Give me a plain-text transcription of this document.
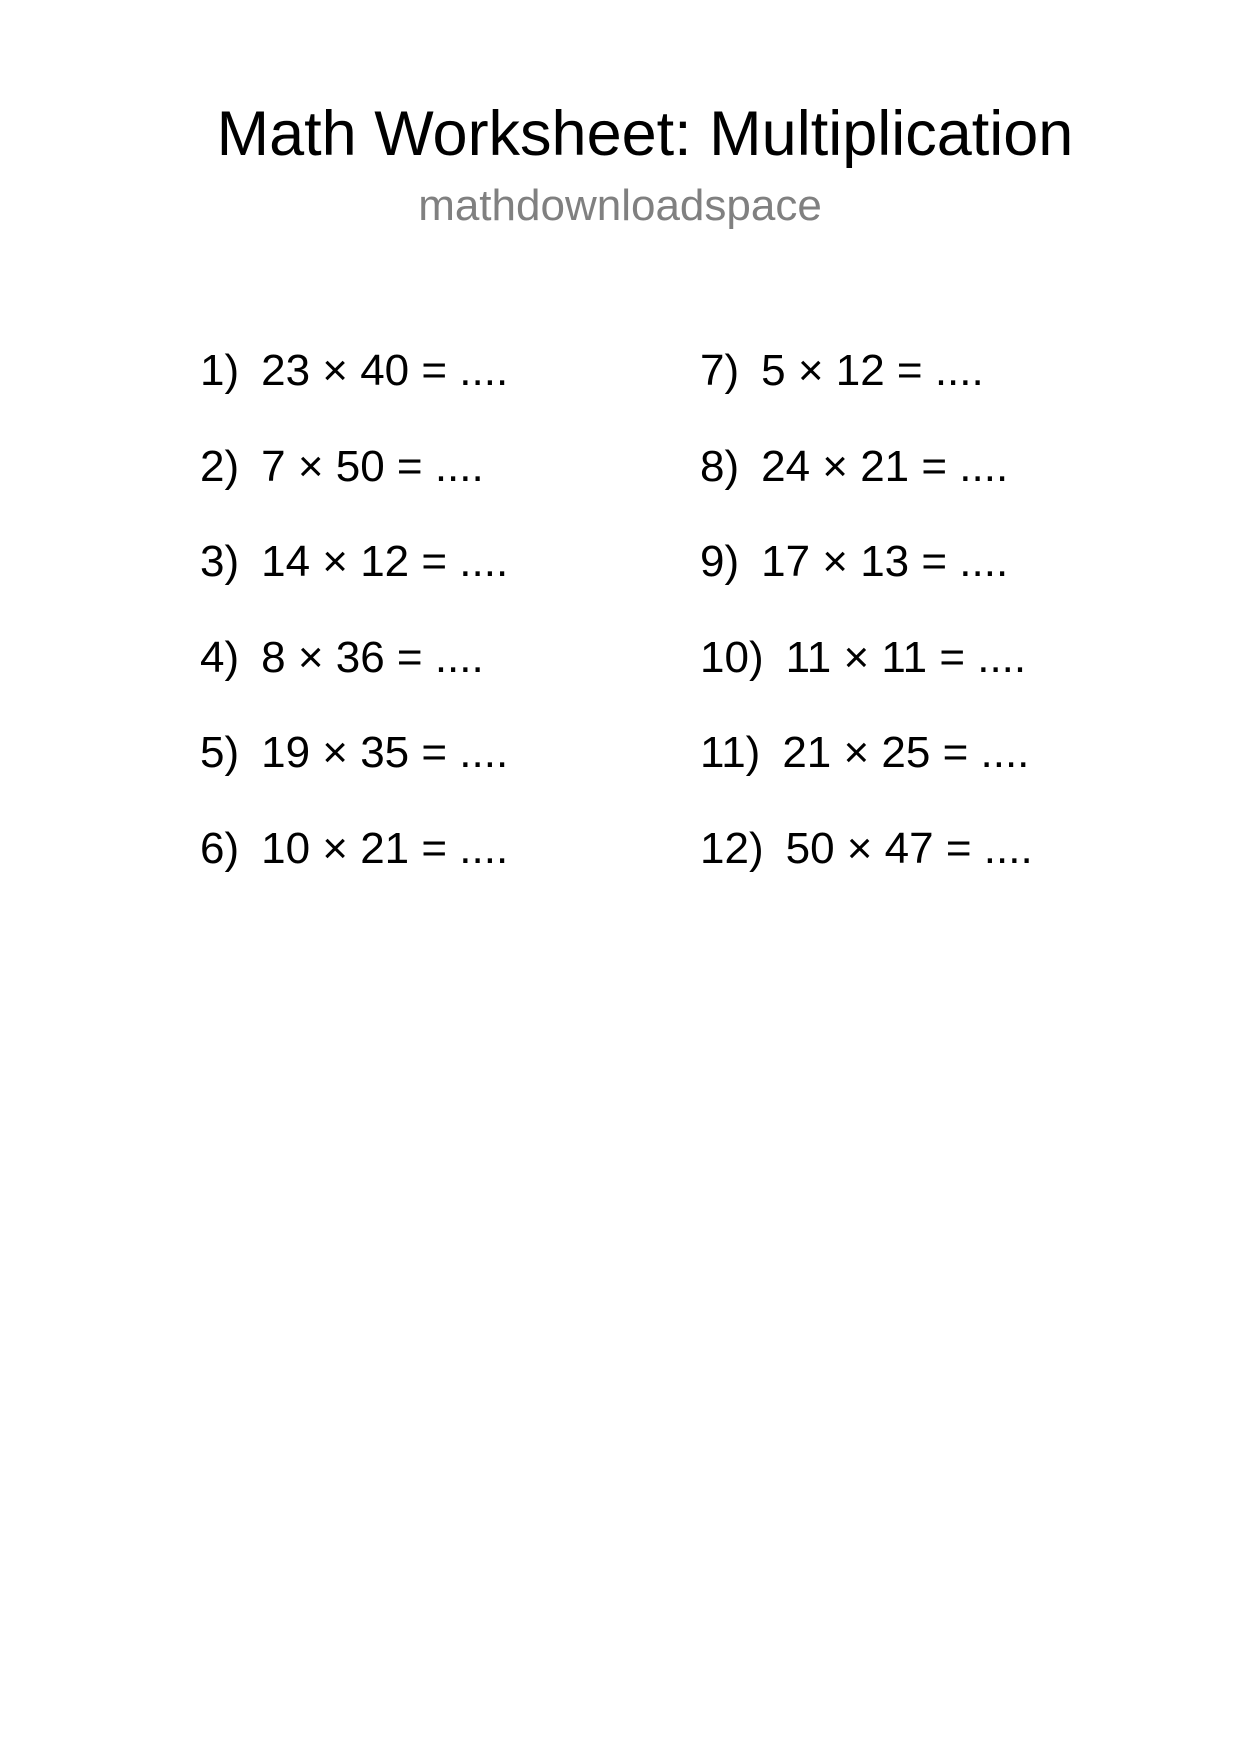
Math Worksheet: Multiplication
mathdownloadspace
1) 23 × 40 = ....
2) 7 × 50 = ....
3) 14 × 12 = ....
4) 8 × 36 = ....
5) 19 × 35 = ....
6) 10 × 21 = ....
7) 5 × 12 = ....
8) 24 × 21 = ....
9) 17 × 13 = ....
10) 11 × 11 = ....
11) 21 × 25 = ....
12) 50 × 47 = ....
